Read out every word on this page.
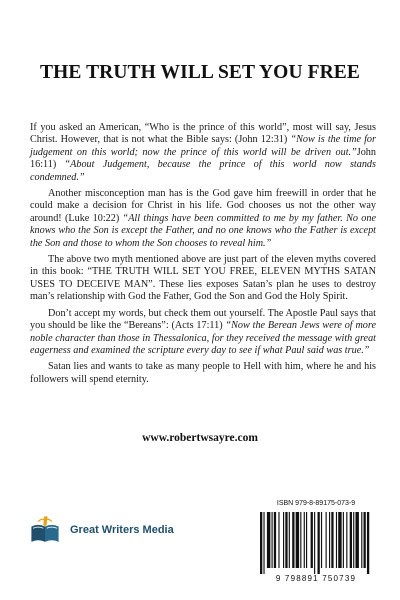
THE TRUTH WILL SET YOU FREE

If you asked an American, “Who is the prince of this world”, most will say, Jesus Christ. However, that is not what the Bible says: (John 12:31) “Now is the time for judgement on this world; now the prince of this world will be driven out.”John 16:11) “About Judgement, because the prince of this world now stands condemned.”

Another misconception man has is the God gave him freewill in order that he could make a decision for Christ in his life. God chooses us not the other way around! (Luke 10:22) “All things have been committed to me by my father. No one knows who the Son is except the Father, and no one knows who the Father is except the Son and those to whom the Son chooses to reveal him.”

The above two myth mentioned above are just part of the eleven myths covered in this book: “THE TRUTH WILL SET YOU FREE, ELEVEN MYTHS SATAN USES TO DECEIVE MAN”. These lies exposes Satan’s plan he uses to destroy man’s relationship with God the Father, God the Son and God the Holy Spirit.

Don’t accept my words, but check them out yourself. The Apostle Paul says that you should be like the “Bereans”: (Acts 17:11) “Now the Berean Jews were of more noble character than those in Thessalonica, for they received the message with great eagerness and examined the scripture every day to see if what Paul said was true.”

Satan lies and wants to take as many people to Hell with him, where he and his followers will spend eternity.

www.robertwsayre.com
Great Writers Media
ISBN 979-8-89175-073-9
9 798891 750739
